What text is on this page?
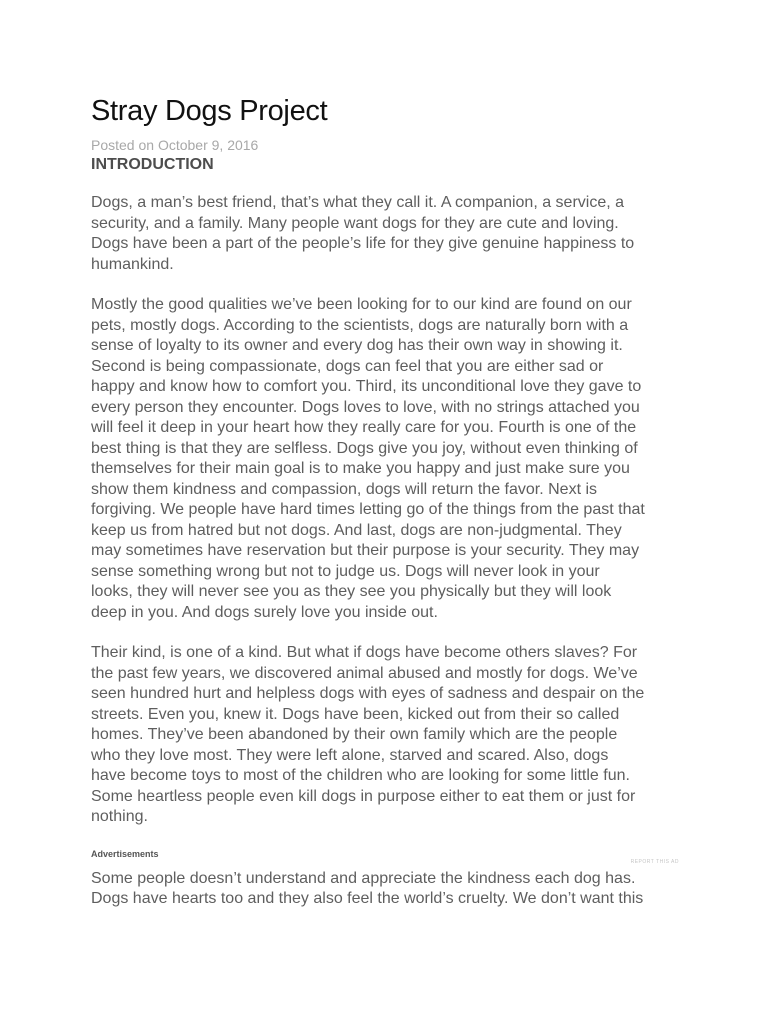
Stray Dogs Project
Posted on October 9, 2016
INTRODUCTION

Dogs, a man’s best friend, that’s what they call it. A companion, a service, a
security, and a family. Many people want dogs for they are cute and loving.
Dogs have been a part of the people’s life for they give genuine happiness to
humankind.

Mostly the good qualities we’ve been looking for to our kind are found on our
pets, mostly dogs. According to the scientists, dogs are naturally born with a
sense of loyalty to its owner and every dog has their own way in showing it.
Second is being compassionate, dogs can feel that you are either sad or
happy and know how to comfort you. Third, its unconditional love they gave to
every person they encounter. Dogs loves to love, with no strings attached you
will feel it deep in your heart how they really care for you. Fourth is one of the
best thing is that they are selfless. Dogs give you joy, without even thinking of
themselves for their main goal is to make you happy and just make sure you
show them kindness and compassion, dogs will return the favor. Next is
forgiving. We people have hard times letting go of the things from the past that
keep us from hatred but not dogs. And last, dogs are non-judgmental. They
may sometimes have reservation but their purpose is your security. They may
sense something wrong but not to judge us. Dogs will never look in your
looks, they will never see you as they see you physically but they will look
deep in you. And dogs surely love you inside out.

Their kind, is one of a kind. But what if dogs have become others slaves? For
the past few years, we discovered animal abused and mostly for dogs. We’ve
seen hundred hurt and helpless dogs with eyes of sadness and despair on the
streets. Even you, knew it. Dogs have been, kicked out from their so called
homes. They’ve been abandoned by their own family which are the people
who they love most. They were left alone, starved and scared. Also, dogs
have become toys to most of the children who are looking for some little fun.
Some heartless people even kill dogs in purpose either to eat them or just for
nothing.

Advertisements
REPORT THIS AD

Some people doesn’t understand and appreciate the kindness each dog has.
Dogs have hearts too and they also feel the world’s cruelty. We don’t want this
